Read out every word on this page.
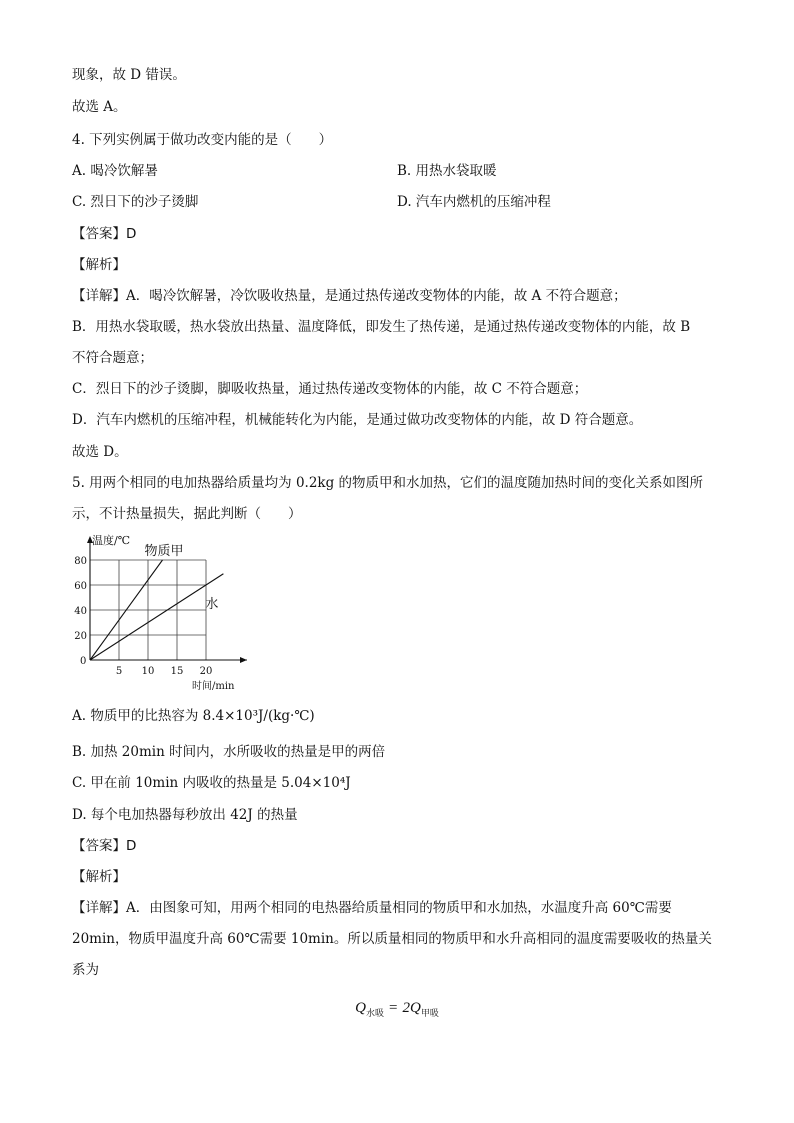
现象，故 D 错误。
故选 A。
4. 下列实例属于做功改变内能的是（　　）
A. 喝冷饮解暑	B. 用热水袋取暖
C. 烈日下的沙子烫脚	D. 汽车内燃机的压缩冲程
【答案】D
【解析】
【详解】A．喝冷饮解暑，冷饮吸收热量，是通过热传递改变物体的内能，故 A 不符合题意；
B．用热水袋取暖，热水袋放出热量、温度降低，即发生了热传递，是通过热传递改变物体的内能，故 B
不符合题意；
C．烈日下的沙子烫脚，脚吸收热量，通过热传递改变物体的内能，故 C 不符合题意；
D．汽车内燃机的压缩冲程，机械能转化为内能，是通过做功改变物体的内能，故 D 符合题意。
故选 D。
5. 用两个相同的电加热器给质量均为 0.2kg 的物质甲和水加热，它们的温度随加热时间的变化关系如图所
示，不计热量损失，据此判断（　　）
0
5 10 15 20
20
40
60
80
物质甲
水
温度/℃
时间/min
A. 物质甲的比热容为 8.4×10³J/(kg·℃)
B. 加热 20min 时间内，水所吸收的热量是甲的两倍
C. 甲在前 10min 内吸收的热量是 5.04×10⁴J
D. 每个电加热器每秒放出 42J 的热量
【答案】D
【解析】
【详解】A．由图象可知，用两个相同的电热器给质量相同的物质甲和水加热，水温度升高 60℃需要
20min，物质甲温度升高 60℃需要 10min。所以质量相同的物质甲和水升高相同的温度需要吸收的热量关
系为
$Q_{水吸} = 2Q_{甲吸}$
